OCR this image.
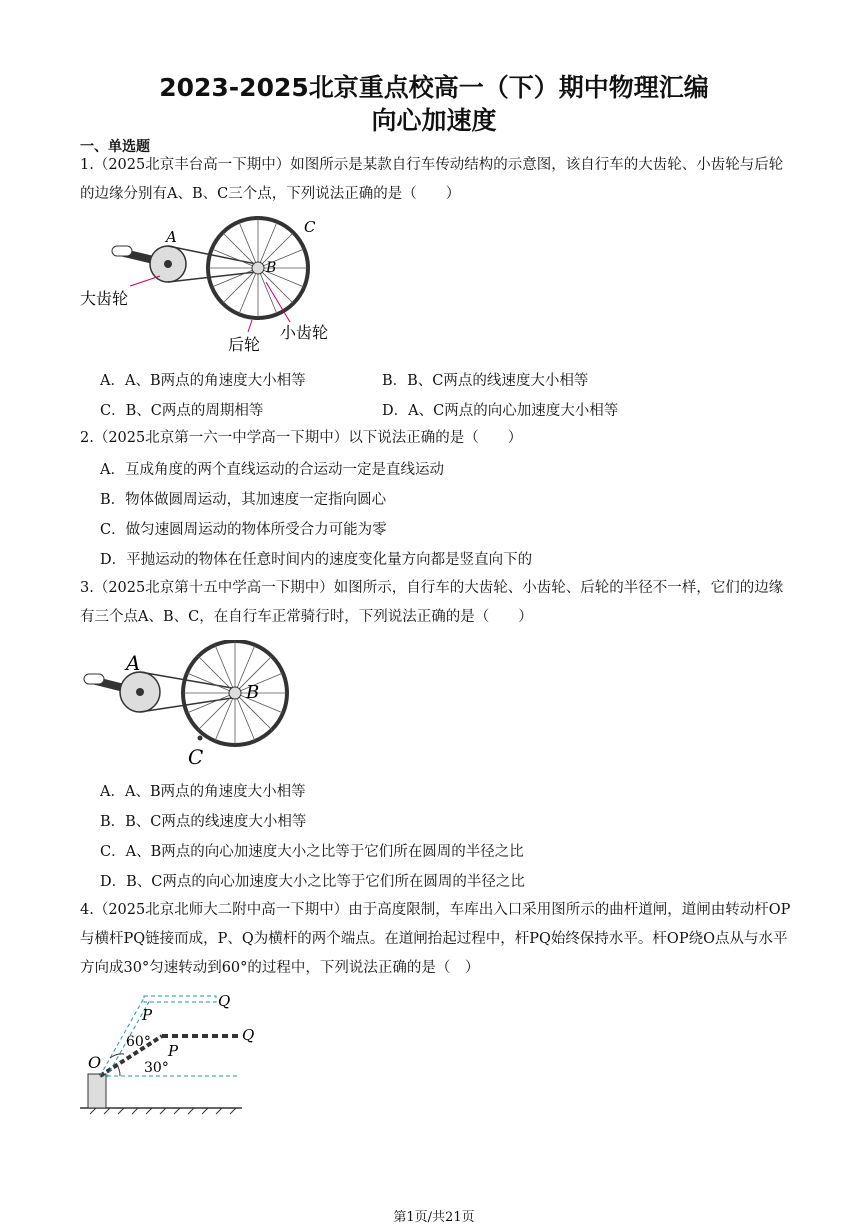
2023-2025北京重点校高一（下）期中物理汇编
向心加速度
一、单选题
1.（2025北京丰台高一下期中）如图所示是某款自行车传动结构的示意图，该自行车的大齿轮、小齿轮与后轮的边缘分别有A、B、C三个点，下列说法正确的是（　　）
A
B
C
大齿轮
后轮
小齿轮
A．A、B两点的角速度大小相等	B．B、C两点的线速度大小相等
C．B、C两点的周期相等	D．A、C两点的向心加速度大小相等
2.（2025北京第一六一中学高一下期中）以下说法正确的是（　　）
A．互成角度的两个直线运动的合运动一定是直线运动
B．物体做圆周运动，其加速度一定指向圆心
C．做匀速圆周运动的物体所受合力可能为零
D．平抛运动的物体在任意时间内的速度变化量方向都是竖直向下的
3.（2025北京第十五中学高一下期中）如图所示，自行车的大齿轮、小齿轮、后轮的半径不一样，它们的边缘有三个点A、B、C，在自行车正常骑行时，下列说法正确的是（　　）
A
B
C
A．A、B两点的角速度大小相等
B．B、C两点的线速度大小相等
C．A、B两点的向心加速度大小之比等于它们所在圆周的半径之比
D．B、C两点的向心加速度大小之比等于它们所在圆周的半径之比
4.（2025北京北师大二附中高一下期中）由于高度限制，车库出入口采用图所示的曲杆道闸，道闸由转动杆OP与横杆PQ链接而成，P、Q为横杆的两个端点。在道闸抬起过程中，杆PQ始终保持水平。杆OP绕O点从与水平方向成30°匀速转动到60°的过程中，下列说法正确的是（　）
O
P
Q
P
Q
60°
30°
第1页/共21页
